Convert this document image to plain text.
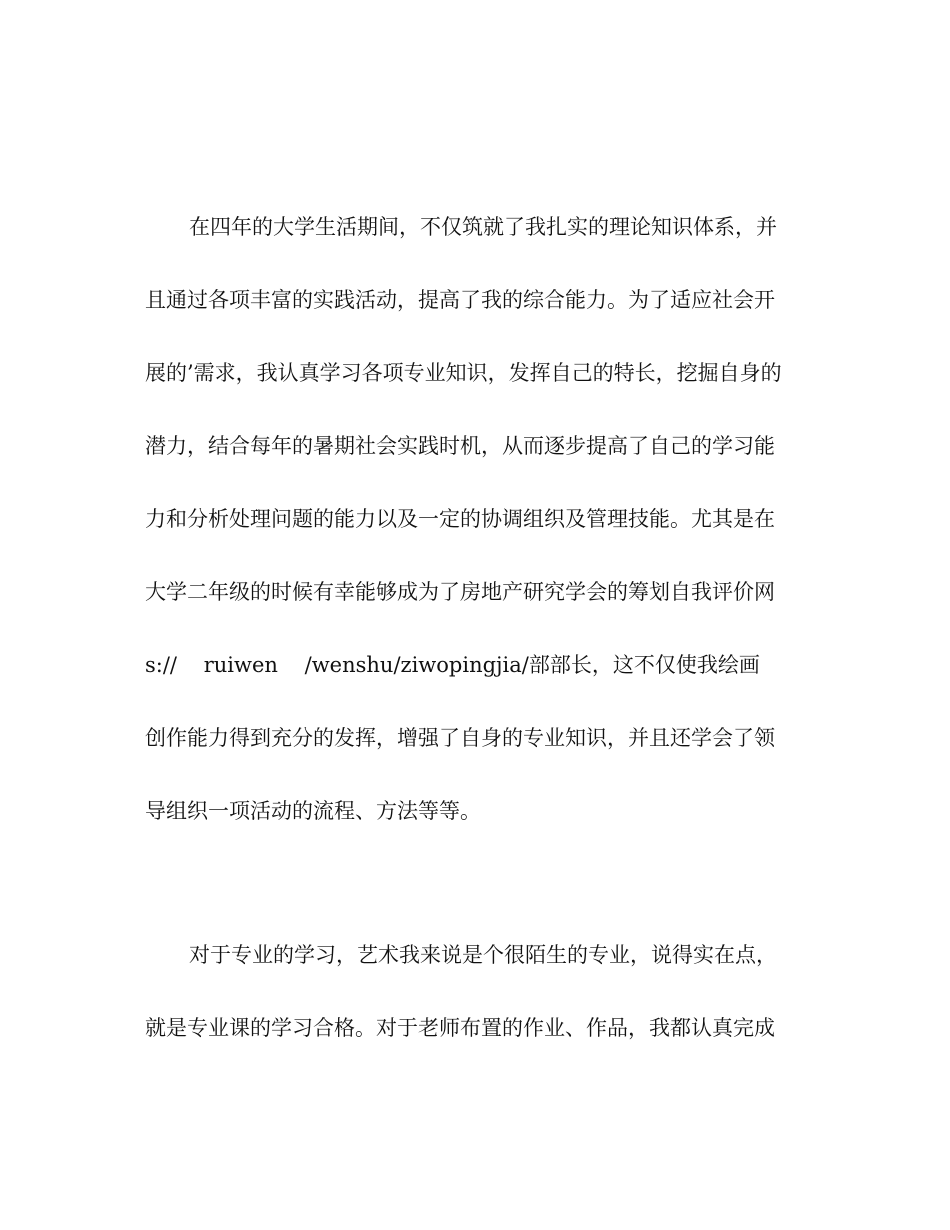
在四年的大学生活期间，不仅筑就了我扎实的理论知识体系，并
且通过各项丰富的实践活动，提高了我的综合能力。为了适应社会开
展的’需求，我认真学习各项专业知识，发挥自己的特长，挖掘自身的
潜力，结合每年的暑期社会实践时机，从而逐步提高了自己的学习能
力和分析处理问题的能力以及一定的协调组织及管理技能。尤其是在
大学二年级的时候有幸能够成为了房地产研究学会的筹划自我评价网
s://    ruiwen    /wenshu/ziwopingjia/部部长，这不仅使我绘画
创作能力得到充分的发挥，增强了自身的专业知识，并且还学会了领
导组织一项活动的流程、方法等等。
对于专业的学习，艺术我来说是个很陌生的专业，说得实在点，
就是专业课的学习合格。对于老师布置的作业、作品，我都认真完成
